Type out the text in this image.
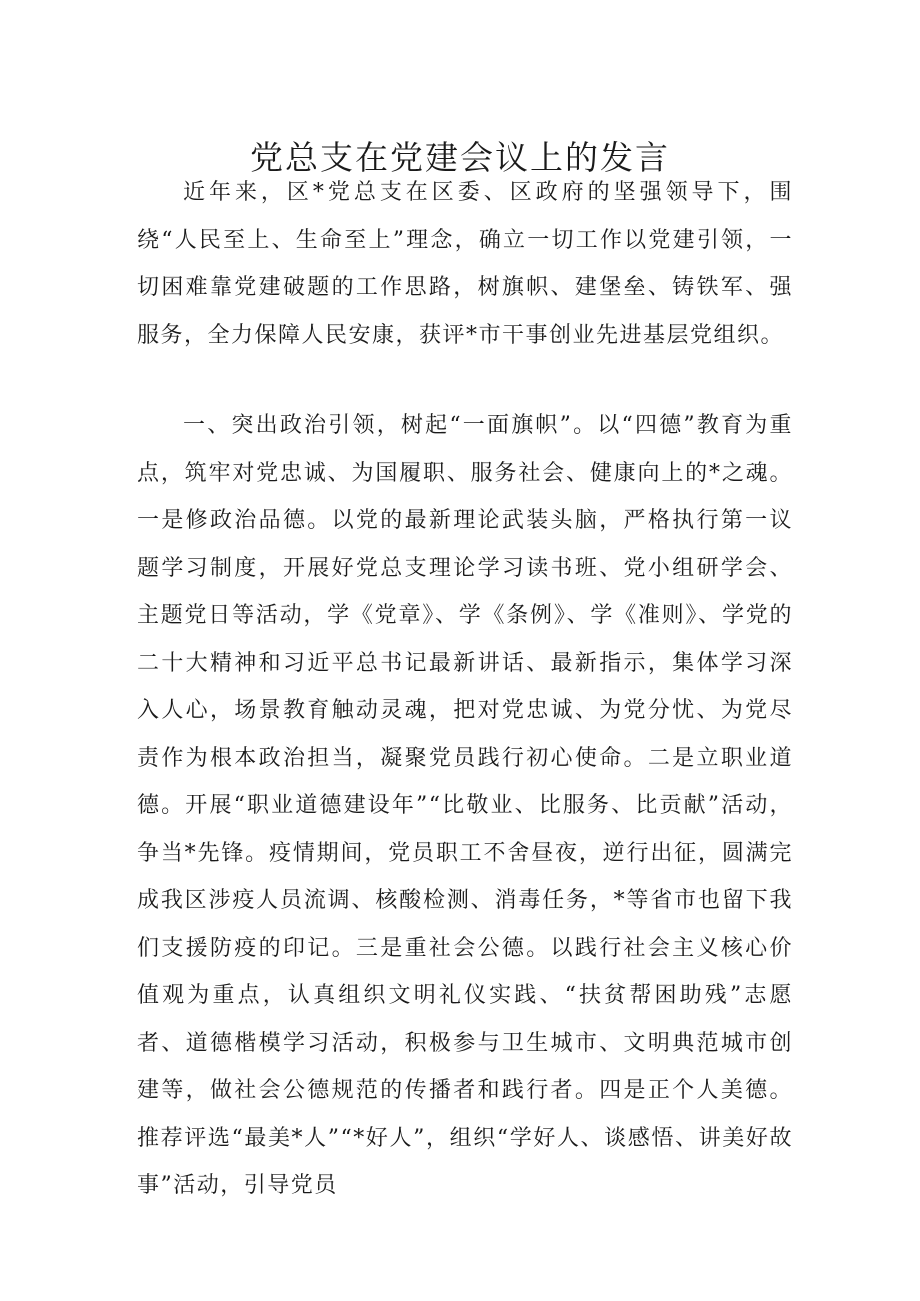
党总支在党建会议上的发言

近年来，区*党总支在区委、区政府的坚强领导下，围绕“人民至上、生命至上”理念，确立一切工作以党建引领，一切困难靠党建破题的工作思路，树旗帜、建堡垒、铸铁军、强服务，全力保障人民安康，获评*市干事创业先进基层党组织。

一、突出政治引领，树起“一面旗帜”。以“四德”教育为重点，筑牢对党忠诚、为国履职、服务社会、健康向上的*之魂。一是修政治品德。以党的最新理论武装头脑，严格执行第一议题学习制度，开展好党总支理论学习读书班、党小组研学会、主题党日等活动，学《党章》、学《条例》、学《准则》、学党的二十大精神和习近平总书记最新讲话、最新指示，集体学习深入人心，场景教育触动灵魂，把对党忠诚、为党分忧、为党尽责作为根本政治担当，凝聚党员践行初心使命。二是立职业道德。开展“职业道德建设年”“比敬业、比服务、比贡献”活动，争当*先锋。疫情期间，党员职工不舍昼夜，逆行出征，圆满完成我区涉疫人员流调、核酸检测、消毒任务，*等省市也留下我们支援防疫的印记。三是重社会公德。以践行社会主义核心价值观为重点，认真组织文明礼仪实践、“扶贫帮困助残”志愿者、道德楷模学习活动，积极参与卫生城市、文明典范城市创建等，做社会公德规范的传播者和践行者。四是正个人美德。推荐评选“最美*人”“*好人”，组织“学好人、谈感悟、讲美好故事”活动，引导党员
